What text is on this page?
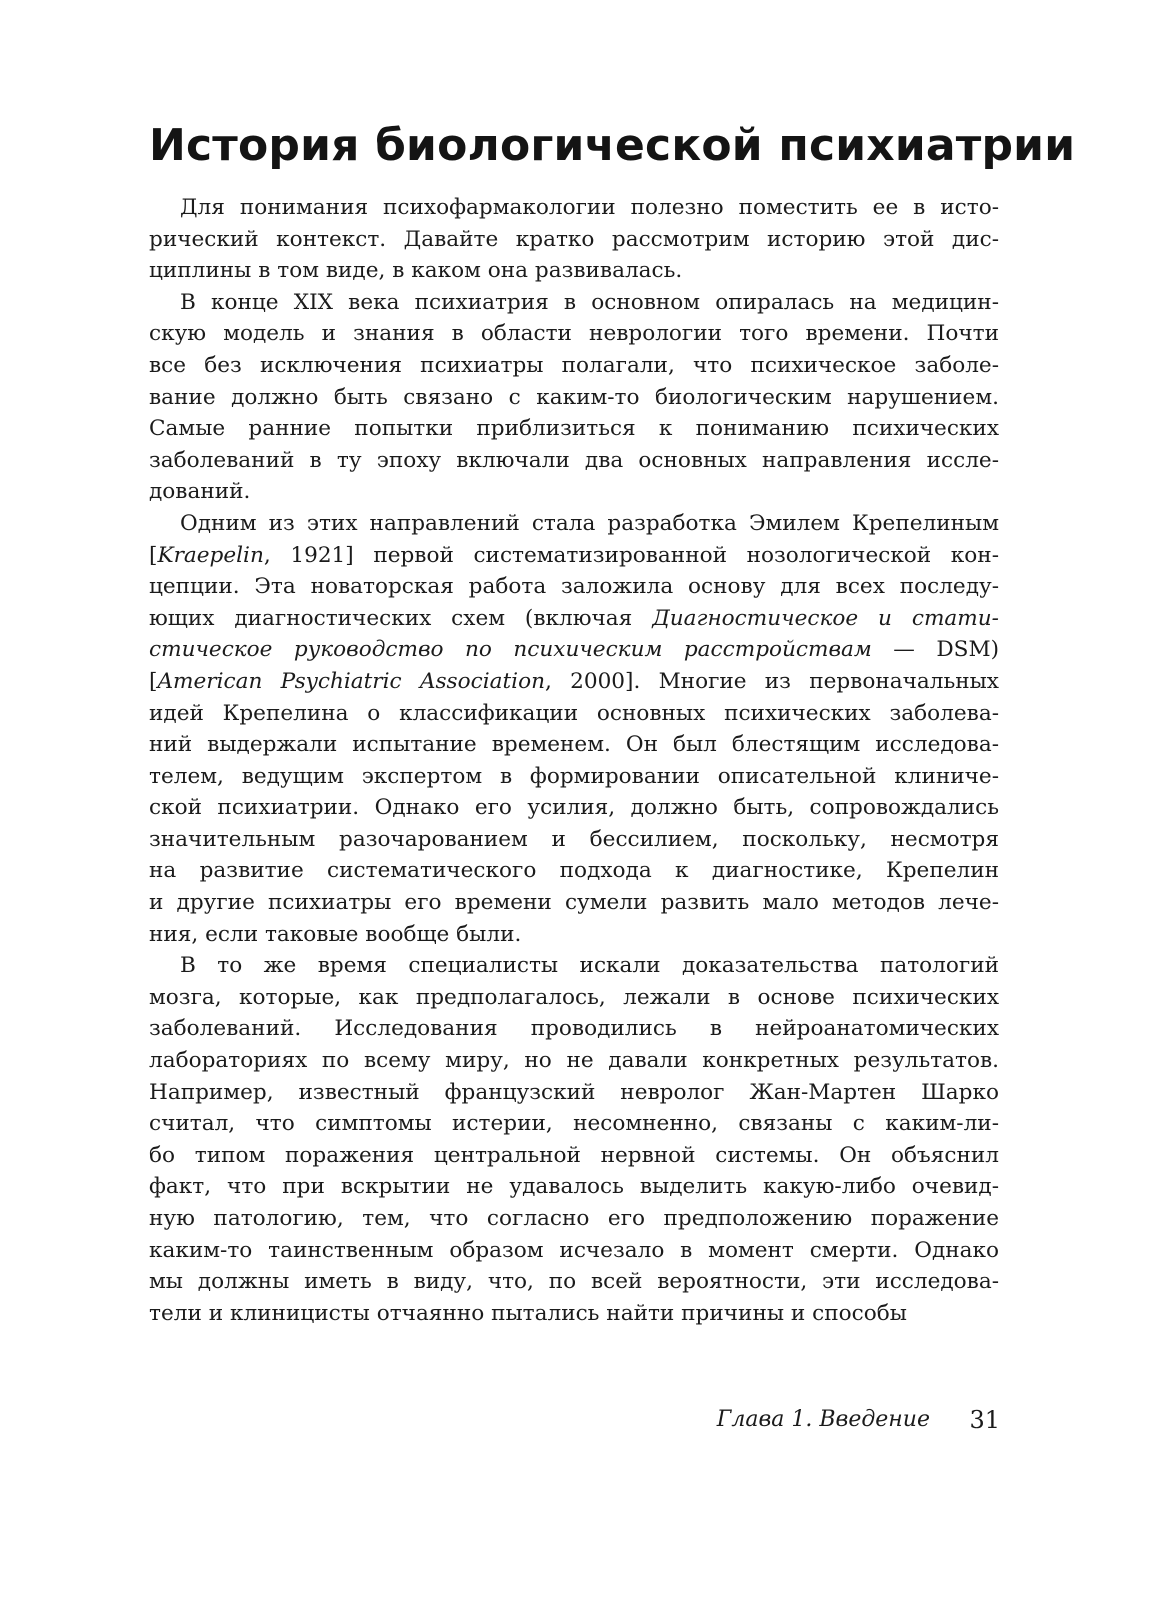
История биологической психиатрии

Для понимания психофармакологии полезно поместить ее в исто-
рический контекст. Давайте кратко рассмотрим историю этой дис-
циплины в том виде, в каком она развивалась.

В конце XIX века психиатрия в основном опиралась на медицин-
скую модель и знания в области неврологии того времени. Почти
все без исключения психиатры полагали, что психическое заболе-
вание должно быть связано с каким-то биологическим нарушением.
Самые ранние попытки приблизиться к пониманию психических
заболеваний в ту эпоху включали два основных направления иссле-
дований.

Одним из этих направлений стала разработка Эмилем Крепелиным
[Kraepelin, 1921] первой систематизированной нозологической кон-
цепции. Эта новаторская работа заложила основу для всех последу-
ющих диагностических схем (включая Диагностическое и стати-
стическое руководство по психическим расстройствам — DSM)
[American Psychiatric Association, 2000]. Многие из первоначальных
идей Крепелина о классификации основных психических заболева-
ний выдержали испытание временем. Он был блестящим исследова-
телем, ведущим экспертом в формировании описательной клиниче-
ской психиатрии. Однако его усилия, должно быть, сопровождались
значительным разочарованием и бессилием, поскольку, несмотря
на развитие систематического подхода к диагностике, Крепелин
и другие психиатры его времени сумели развить мало методов лече-
ния, если таковые вообще были.

В то же время специалисты искали доказательства патологий
мозга, которые, как предполагалось, лежали в основе психических
заболеваний. Исследования проводились в нейроанатомических
лабораториях по всему миру, но не давали конкретных результатов.
Например, известный французский невролог Жан-Мартен Шарко
считал, что симптомы истерии, несомненно, связаны с каким-ли-
бо типом поражения центральной нервной системы. Он объяснил
факт, что при вскрытии не удавалось выделить какую-либо очевид-
ную патологию, тем, что согласно его предположению поражение
каким-то таинственным образом исчезало в момент смерти. Однако
мы должны иметь в виду, что, по всей вероятности, эти исследова-
тели и клиницисты отчаянно пытались найти причины и способы

Глава 1. Введение 31
